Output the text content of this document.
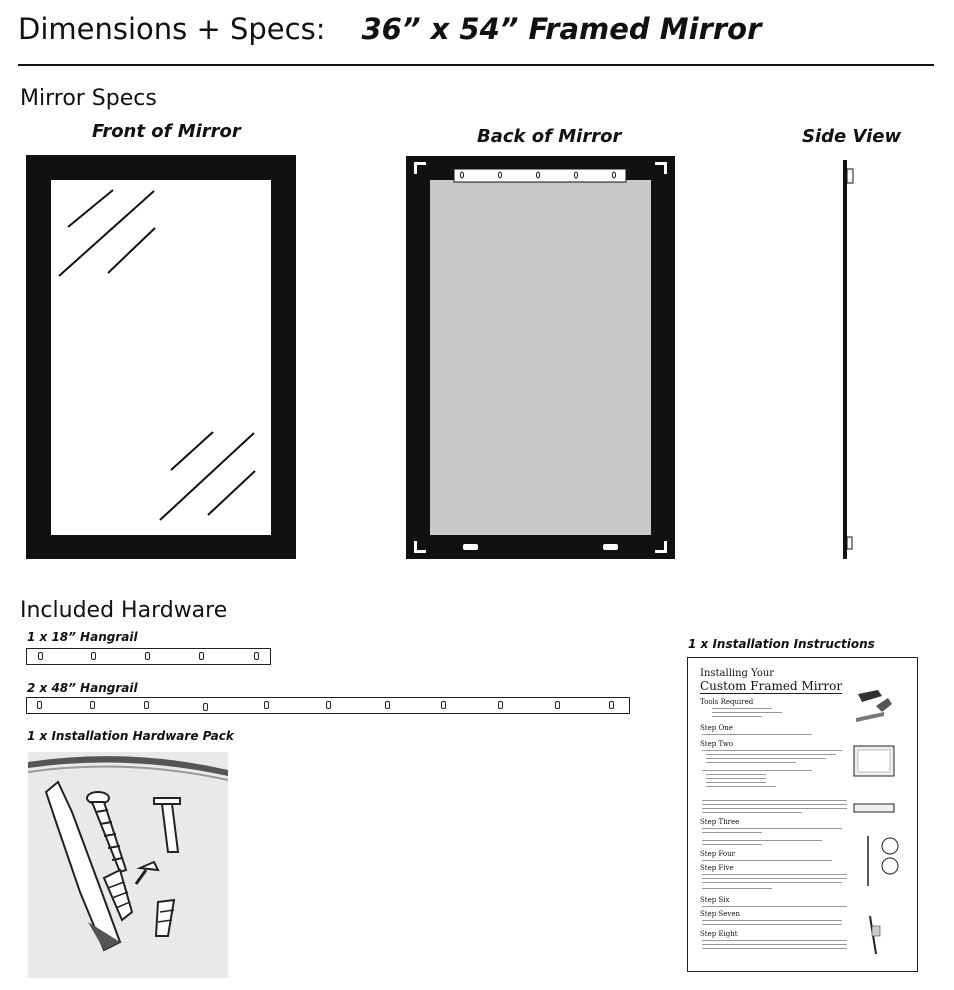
Dimensions + Specs: 36” x 54” Framed Mirror
Mirror Specs
Front of Mirror	Back of Mirror	Side View
Included Hardware
1 x 18” Hangrail
2 x 48” Hangrail
1 x Installation Hardware Pack
1 x Installation Instructions
Installing Your
Custom Framed Mirror
Tools Required
Step One
Step Two
Step Three
Step Four
Step Five
Step Six
Step Seven
Step Eight
